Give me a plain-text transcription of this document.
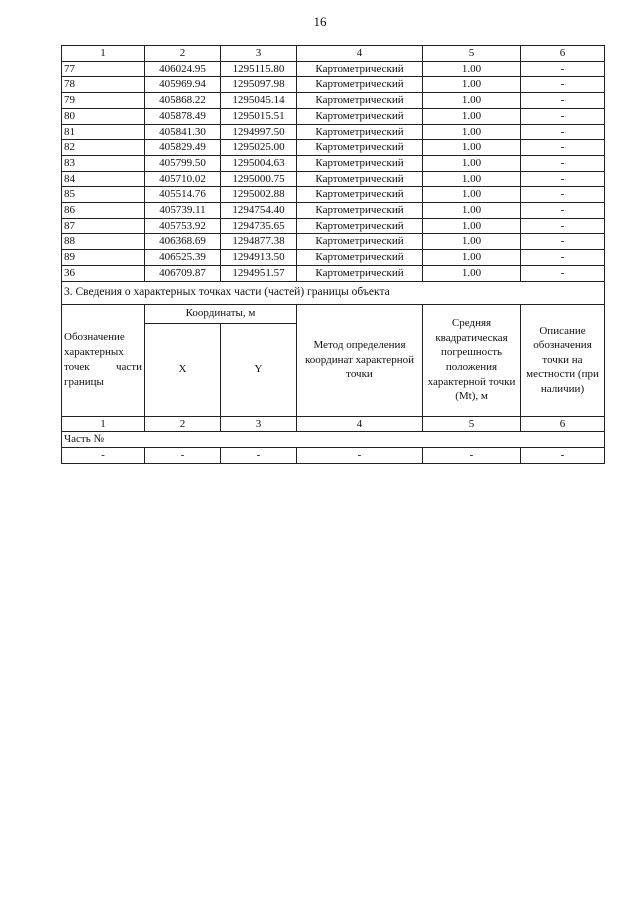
16
1	2	3	4	5	6
77	406024.95	1295115.80	Картометрический	1.00	-
78	405969.94	1295097.98	Картометрический	1.00	-
79	405868.22	1295045.14	Картометрический	1.00	-
80	405878.49	1295015.51	Картометрический	1.00	-
81	405841.30	1294997.50	Картометрический	1.00	-
82	405829.49	1295025.00	Картометрический	1.00	-
83	405799.50	1295004.63	Картометрический	1.00	-
84	405710.02	1295000.75	Картометрический	1.00	-
85	405514.76	1295002.88	Картометрический	1.00	-
86	405739.11	1294754.40	Картометрический	1.00	-
87	405753.92	1294735.65	Картометрический	1.00	-
88	406368.69	1294877.38	Картометрический	1.00	-
89	406525.39	1294913.50	Картометрический	1.00	-
36	406709.87	1294951.57	Картометрический	1.00	-
3. Сведения о характерных точках части (частей) границы объекта					

Обозначение характерных точек части границы	Координаты, м		Метод определения координат характерной точки	Средняя квадратическая погрешность положения характерной точки (Mt), м	Описание обозначения точки на местности (при наличии)
	X	Y			
1	2	3	4	5	6
Часть №					
-	-	-	-	-	-
